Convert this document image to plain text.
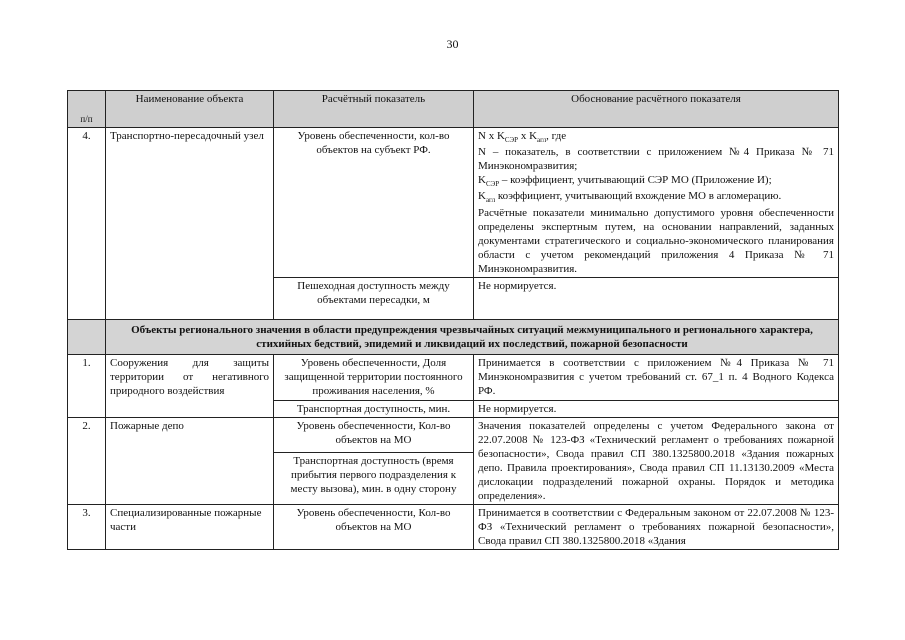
30
п/п	Наименование объекта	Расчётный показатель	Обоснование расчётного показателя
4.	Транспортно-пересадочный узел	Уровень обеспеченности, кол-во объектов на субъект РФ.	N x $K_{СЭР}$ x $K_{агл}$, где
N – показатель, в соответствии с приложением №4 Приказа № 71 Минэкономразвития;
$K_{СЭР}$ – коэффициент, учитывающий СЭР МО (Приложение И);
$K_{агл}$ коэффициент, учитывающий вхождение МО в агломерацию.
Расчётные показатели минимально допустимого уровня обеспеченности определены экспертным путем, на основании направлений, заданных документами стратегического и социально-экономического планирования области с учетом рекомендаций приложения 4 Приказа № 71 Минэкономразвития.

		Пешеходная доступность между объектами пересадки, м	Не нормируется.
	Объекты регионального значения в области предупреждения чрезвычайных ситуаций межмуниципального и регионального характера, стихийных бедствий, эпидемий и ликвидаций их последствий, пожарной безопасности		
1.	Сооружения для защиты территории от негативного природного воздействия	Уровень обеспеченности, Доля защищенной территории постоянного проживания населения, %	Принимается в соответствии с приложением №4 Приказа № 71 Минэкономразвития с учетом требований ст. 67_1 п. 4 Водного Кодекса РФ.
		Транспортная доступность, мин.	Не нормируется.
2.	Пожарные депо	Уровень обеспеченности, Кол-во объектов на МО	Значения показателей определены с учетом Федерального закона от 22.07.2008 № 123-ФЗ «Технический регламент о требованиях пожарной безопасности», Свода правил СП 380.1325800.2018 «Здания пожарных депо. Правила проектирования», Свода правил СП 11.13130.2009 «Места дислокации подразделений пожарной охраны. Порядок и методика определения».
		Транспортная доступность (время прибытия первого подразделения к месту вызова), мин. в одну сторону	
3.	Специализированные пожарные части	Уровень обеспеченности, Кол-во объектов на МО	Принимается в соответствии с Федеральным законом от 22.07.2008 № 123-ФЗ «Технический регламент о требованиях пожарной безопасности», Свода правил СП 380.1325800.2018 «Здания
